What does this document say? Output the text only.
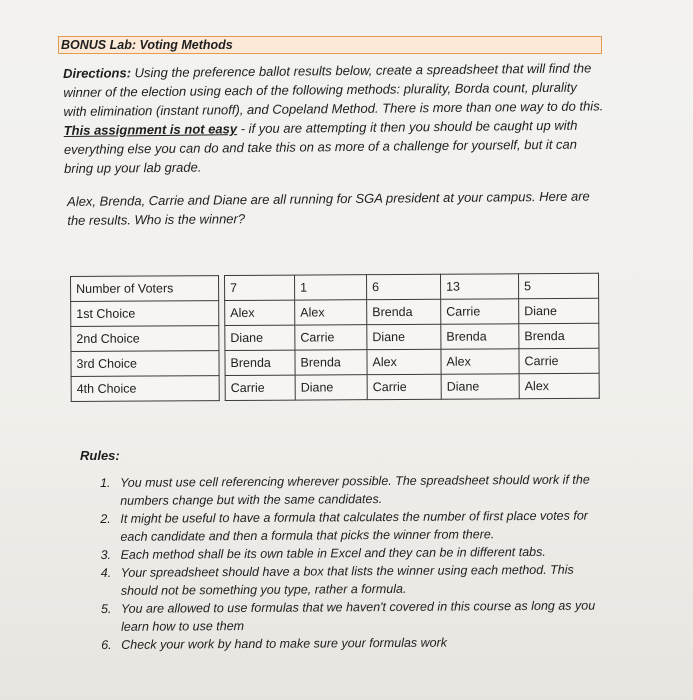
BONUS Lab: Voting Methods
Directions: Using the preference ballot results below, create a spreadsheet that will find the winner of the election using each of the following methods: plurality, Borda count, plurality with elimination (instant runoff), and Copeland Method. There is more than one way to do this. This assignment is not easy - if you are attempting it then you should be caught up with everything else you can do and take this on as more of a challenge for yourself, but it can bring up your lab grade.
Alex, Brenda, Carrie and Diane are all running for SGA president at your campus. Here are the results. Who is the winner?
Number of Voters		7	1	6	13	5
1st Choice		Alex	Alex	Brenda	Carrie	Diane
2nd Choice		Diane	Carrie	Diane	Brenda	Brenda
3rd Choice		Brenda	Brenda	Alex	Alex	Carrie
4th Choice		Carrie	Diane	Carrie	Diane	Alex
Rules:
1. You must use cell referencing wherever possible. The spreadsheet should work if the numbers change but with the same candidates.
2. It might be useful to have a formula that calculates the number of first place votes for each candidate and then a formula that picks the winner from there.
3. Each method shall be its own table in Excel and they can be in different tabs.
4. Your spreadsheet should have a box that lists the winner using each method. This should not be something you type, rather a formula.
5. You are allowed to use formulas that we haven't covered in this course as long as you learn how to use them
6. Check your work by hand to make sure your formulas work
